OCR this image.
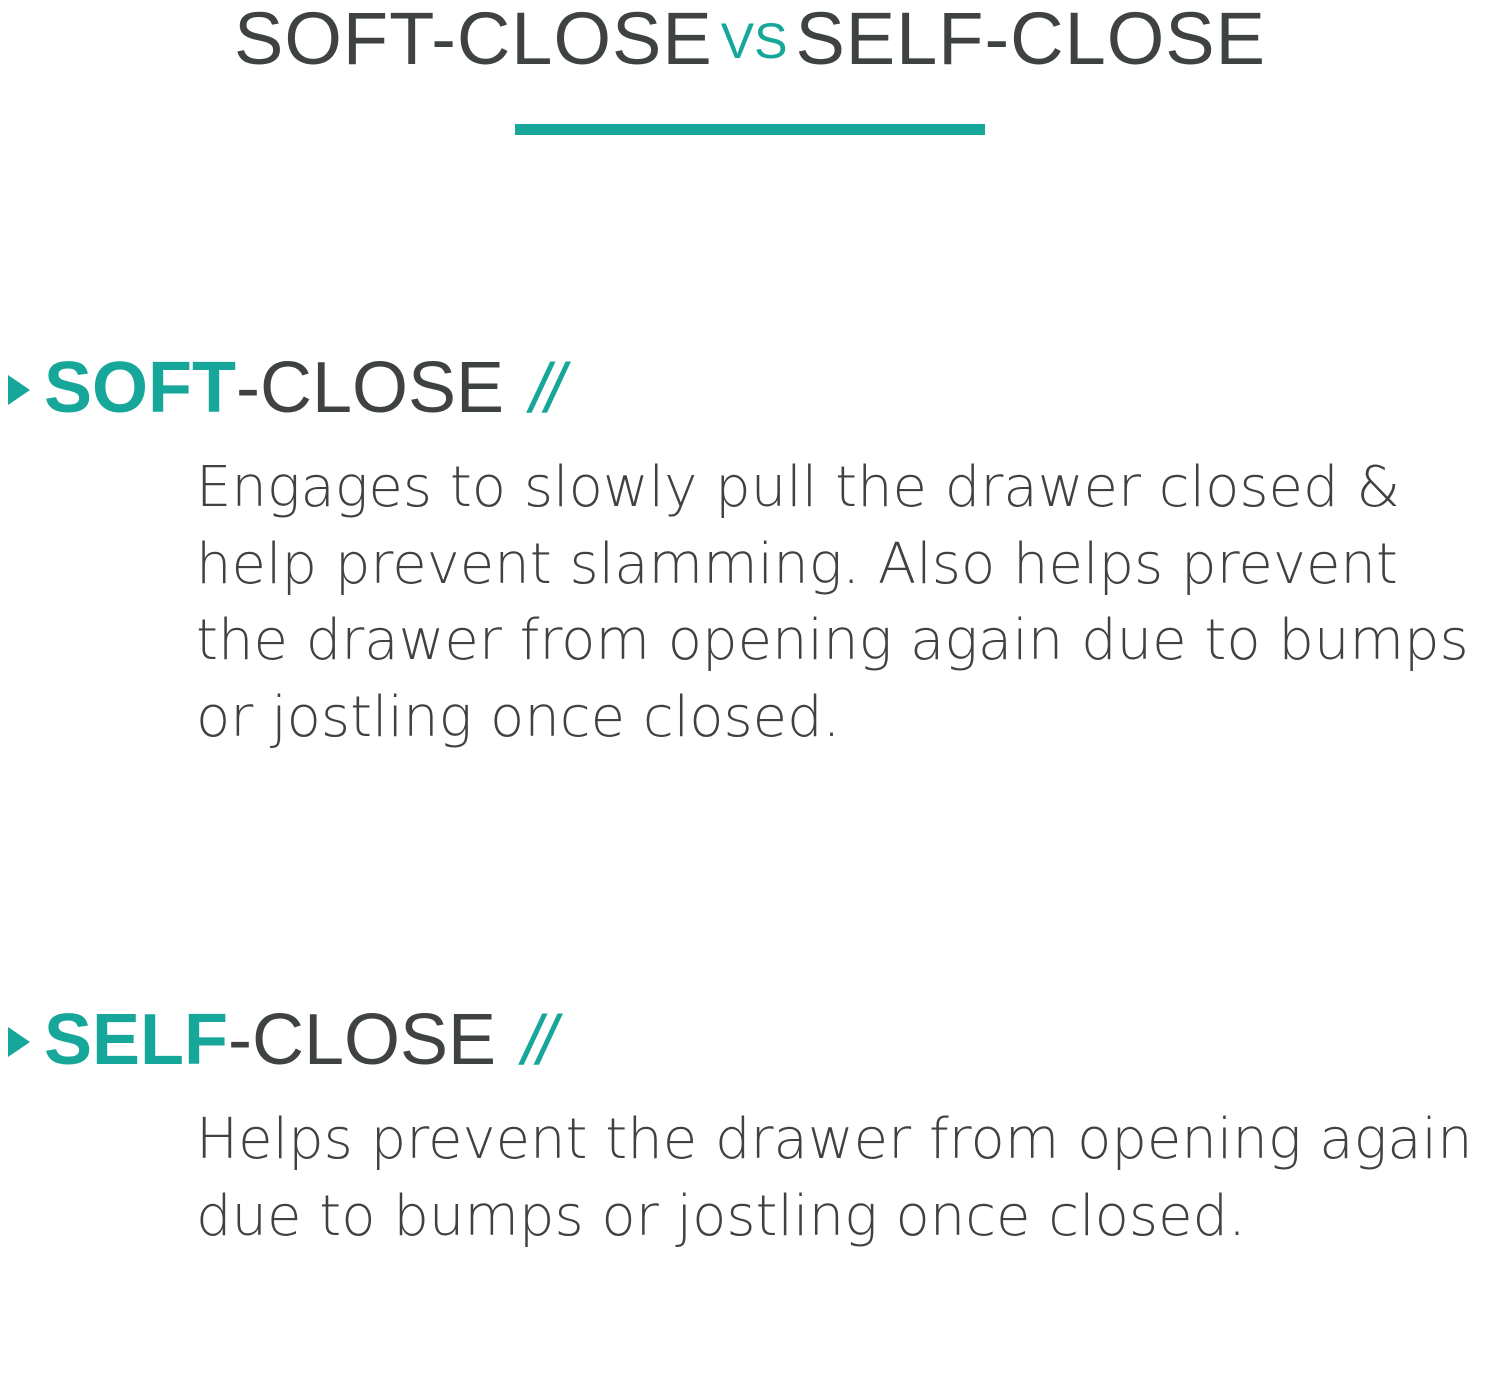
SOFT-CLOSE VS SELF-CLOSE
SOFT-CLOSE //
Engages to slowly pull the drawer closed & help prevent slamming. Also helps prevent the drawer from opening again due to bumps or jostling once closed.
SELF-CLOSE //
Helps prevent the drawer from opening again due to bumps or jostling once closed.
